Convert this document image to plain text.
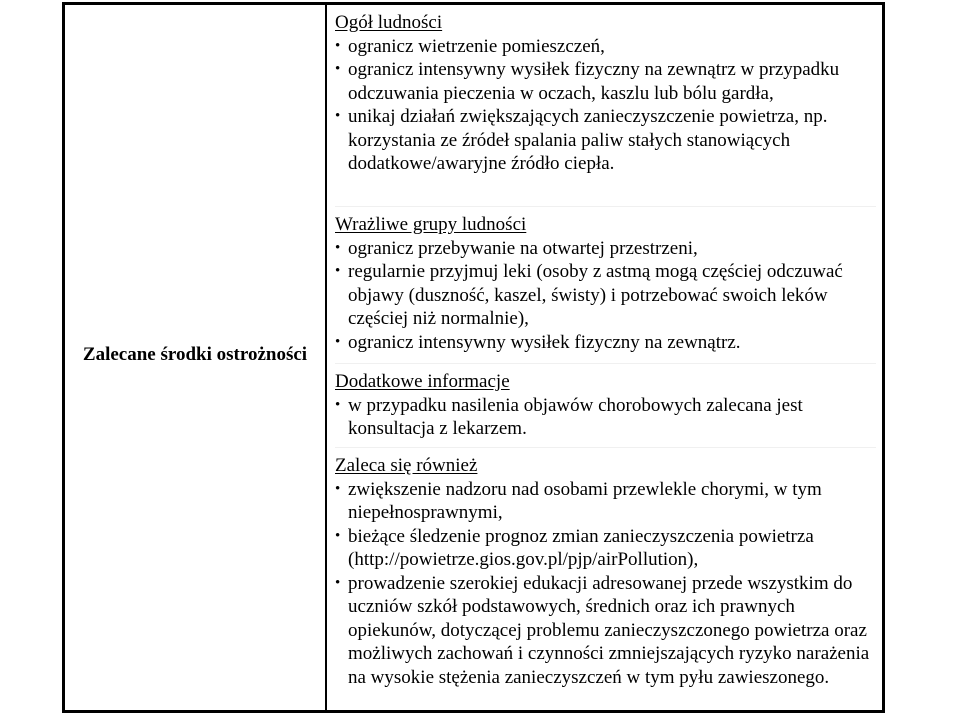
Zalecane środki ostrożności
Ogół ludności
• ogranicz wietrzenie pomieszczeń,
• ogranicz intensywny wysiłek fizyczny na zewnątrz w przypadku odczuwania pieczenia w oczach, kaszlu lub bólu gardła,
• unikaj działań zwiększających zanieczyszczenie powietrza, np. korzystania ze źródeł spalania paliw stałych stanowiących dodatkowe/awaryjne źródło ciepła.
Wrażliwe grupy ludności
• ogranicz przebywanie na otwartej przestrzeni,
• regularnie przyjmuj leki (osoby z astmą mogą częściej odczuwać objawy (duszność, kaszel, świsty) i potrzebować swoich leków częściej niż normalnie),
• ogranicz intensywny wysiłek fizyczny na zewnątrz.
Dodatkowe informacje
• w przypadku nasilenia objawów chorobowych zalecana jest konsultacja z lekarzem.
Zaleca się również
• zwiększenie nadzoru nad osobami przewlekle chorymi, w tym niepełnosprawnymi,
• bieżące śledzenie prognoz zmian zanieczyszczenia powietrza (http://powietrze.gios.gov.pl/pjp/airPollution),
• prowadzenie szerokiej edukacji adresowanej przede wszystkim do uczniów szkół podstawowych, średnich oraz ich prawnych opiekunów, dotyczącej problemu zanieczyszczonego powietrza oraz możliwych zachowań i czynności zmniejszających ryzyko narażenia na wysokie stężenia zanieczyszczeń w tym pyłu zawieszonego.
